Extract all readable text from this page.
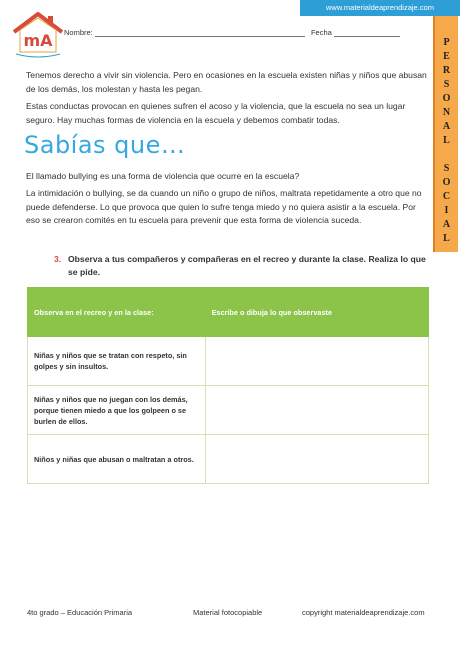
www.materialdeaprendizaje.com
mA Nombre:	Fecha
P
E
R
S
O
N
A
L
S
O
C
I
A
L

Tenemos derecho a vivir sin violencia. Pero en ocasiones en la escuela existen niñas y niños que abusan de los demás, los molestan y hasta les pegan.

Estas conductas provocan en quienes sufren el acoso y la violencia, que la escuela no sea un lugar seguro. Hay muchas formas de violencia en la escuela y debemos combatir todas.

Sabías que…

El llamado bullying es una forma de violencia que ocurre en la escuela?

La intimidación o bullying, se da cuando un niño o grupo de niños, maltrata repetidamente a otro que no puede defenderse. Lo que provoca que quien lo sufre tenga miedo y no quiera asistir a la escuela. Por eso se crearon comités en tu escuela para prevenir que esta forma de violencia suceda.

3. Observa a tus compañeros y compañeras en el recreo y durante la clase. Realiza lo que se pide.
Observa en el recreo y en la clase:	Escribe o dibuja lo que observaste
Niñas y niños que se tratan con respeto, sin golpes y sin insultos.	
Niñas y niños que no juegan con los demás, porque tienen miedo a que los golpeen o se burlen de ellos.	
Niños y niñas que abusan o maltratan a otros.	
4to grado – Educación Primaria	Material fotocopiable	copyright materialdeaprendizaje.com
